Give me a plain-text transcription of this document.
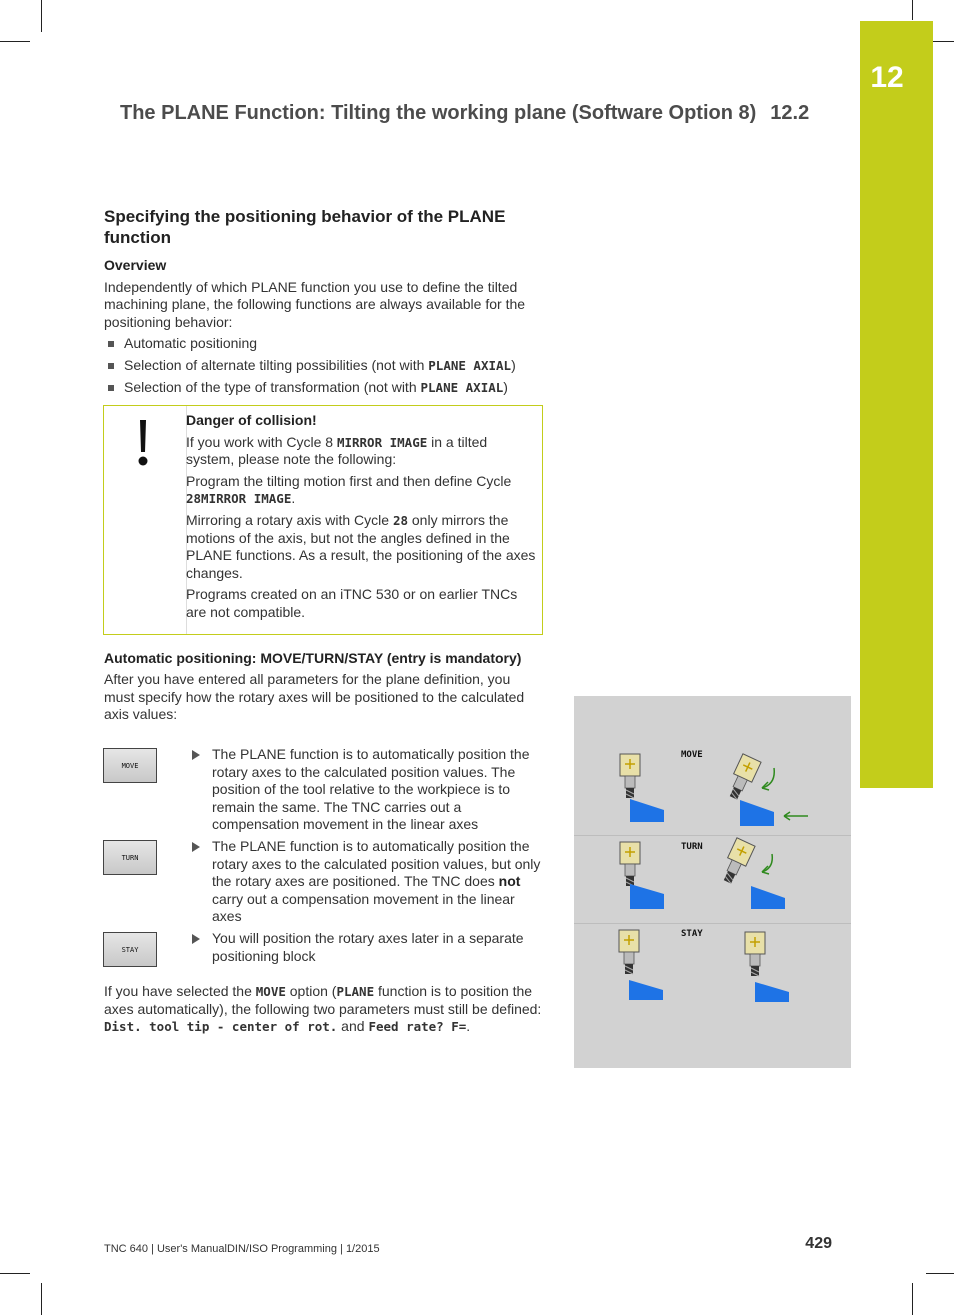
12
The PLANE Function: Tilting the working plane (Software Option 8) 12.2
Specifying the positioning behavior of the PLANE function
Overview

Independently of which PLANE function you use to define the tilted machining plane, the following functions are always available for the positioning behavior:

Automatic positioning
Selection of alternate tilting possibilities (not with PLANE AXIAL)
Selection of the type of transformation (not with PLANE AXIAL)

Danger of collision!

If you work with Cycle 8 MIRROR IMAGE in a tilted system, please note the following:

Program the tilting motion first and then define Cycle 28MIRROR IMAGE.

Mirroring a rotary axis with Cycle 28 only mirrors the motions of the axis, but not the angles defined in the PLANE functions. As a result, the positioning of the axes changes.

Programs created on an iTNC 530 or on earlier TNCs are not compatible.

Automatic positioning: MOVE/TURN/STAY (entry is mandatory)

After you have entered all parameters for the plane definition, you must specify how the rotary axes will be positioned to the calculated axis values:

MOVE
The PLANE function is to automatically position the rotary axes to the calculated position values. The position of the tool relative to the workpiece is to remain the same. The TNC carries out a compensation movement in the linear axes
TURN
The PLANE function is to automatically position the rotary axes to the calculated position values, but only the rotary axes are positioned. The TNC does not carry out a compensation movement in the linear axes
STAY
You will position the rotary axes later in a separate positioning block

If you have selected the MOVE option (PLANE function is to position the axes automatically), the following two parameters must still be defined: Dist. tool tip - center of rot. and Feed rate? F=.

MOVE
TURN
STAY
TNC 640 | User's ManualDIN/ISO Programming | 1/2015	429
